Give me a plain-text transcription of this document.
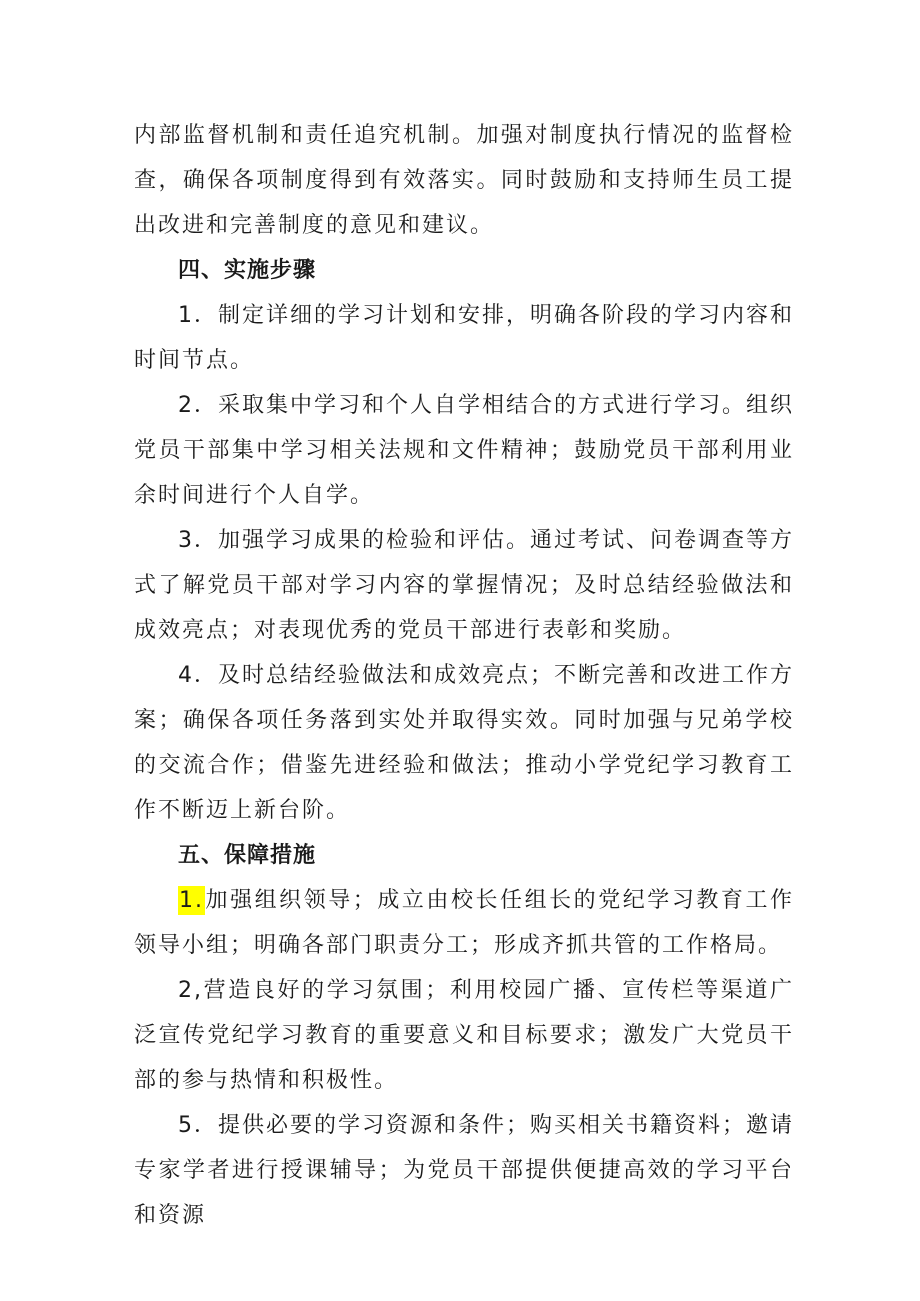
内部监督机制和责任追究机制。加强对制度执行情况的监督检查，确保各项制度得到有效落实。同时鼓励和支持师生员工提出改进和完善制度的意见和建议。

四、实施步骤

1．制定详细的学习计划和安排，明确各阶段的学习内容和时间节点。

2．采取集中学习和个人自学相结合的方式进行学习。组织党员干部集中学习相关法规和文件精神；鼓励党员干部利用业余时间进行个人自学。

3．加强学习成果的检验和评估。通过考试、问卷调查等方式了解党员干部对学习内容的掌握情况；及时总结经验做法和成效亮点；对表现优秀的党员干部进行表彰和奖励。

4．及时总结经验做法和成效亮点；不断完善和改进工作方案；确保各项任务落到实处并取得实效。同时加强与兄弟学校的交流合作；借鉴先进经验和做法；推动小学党纪学习教育工作不断迈上新台阶。

五、保障措施

1.加强组织领导；成立由校长任组长的党纪学习教育工作领导小组；明确各部门职责分工；形成齐抓共管的工作格局。

2,营造良好的学习氛围；利用校园广播、宣传栏等渠道广泛宣传党纪学习教育的重要意义和目标要求；激发广大党员干部的参与热情和积极性。

5．提供必要的学习资源和条件；购买相关书籍资料；邀请专家学者进行授课辅导；为党员干部提供便捷高效的学习平台和资源
